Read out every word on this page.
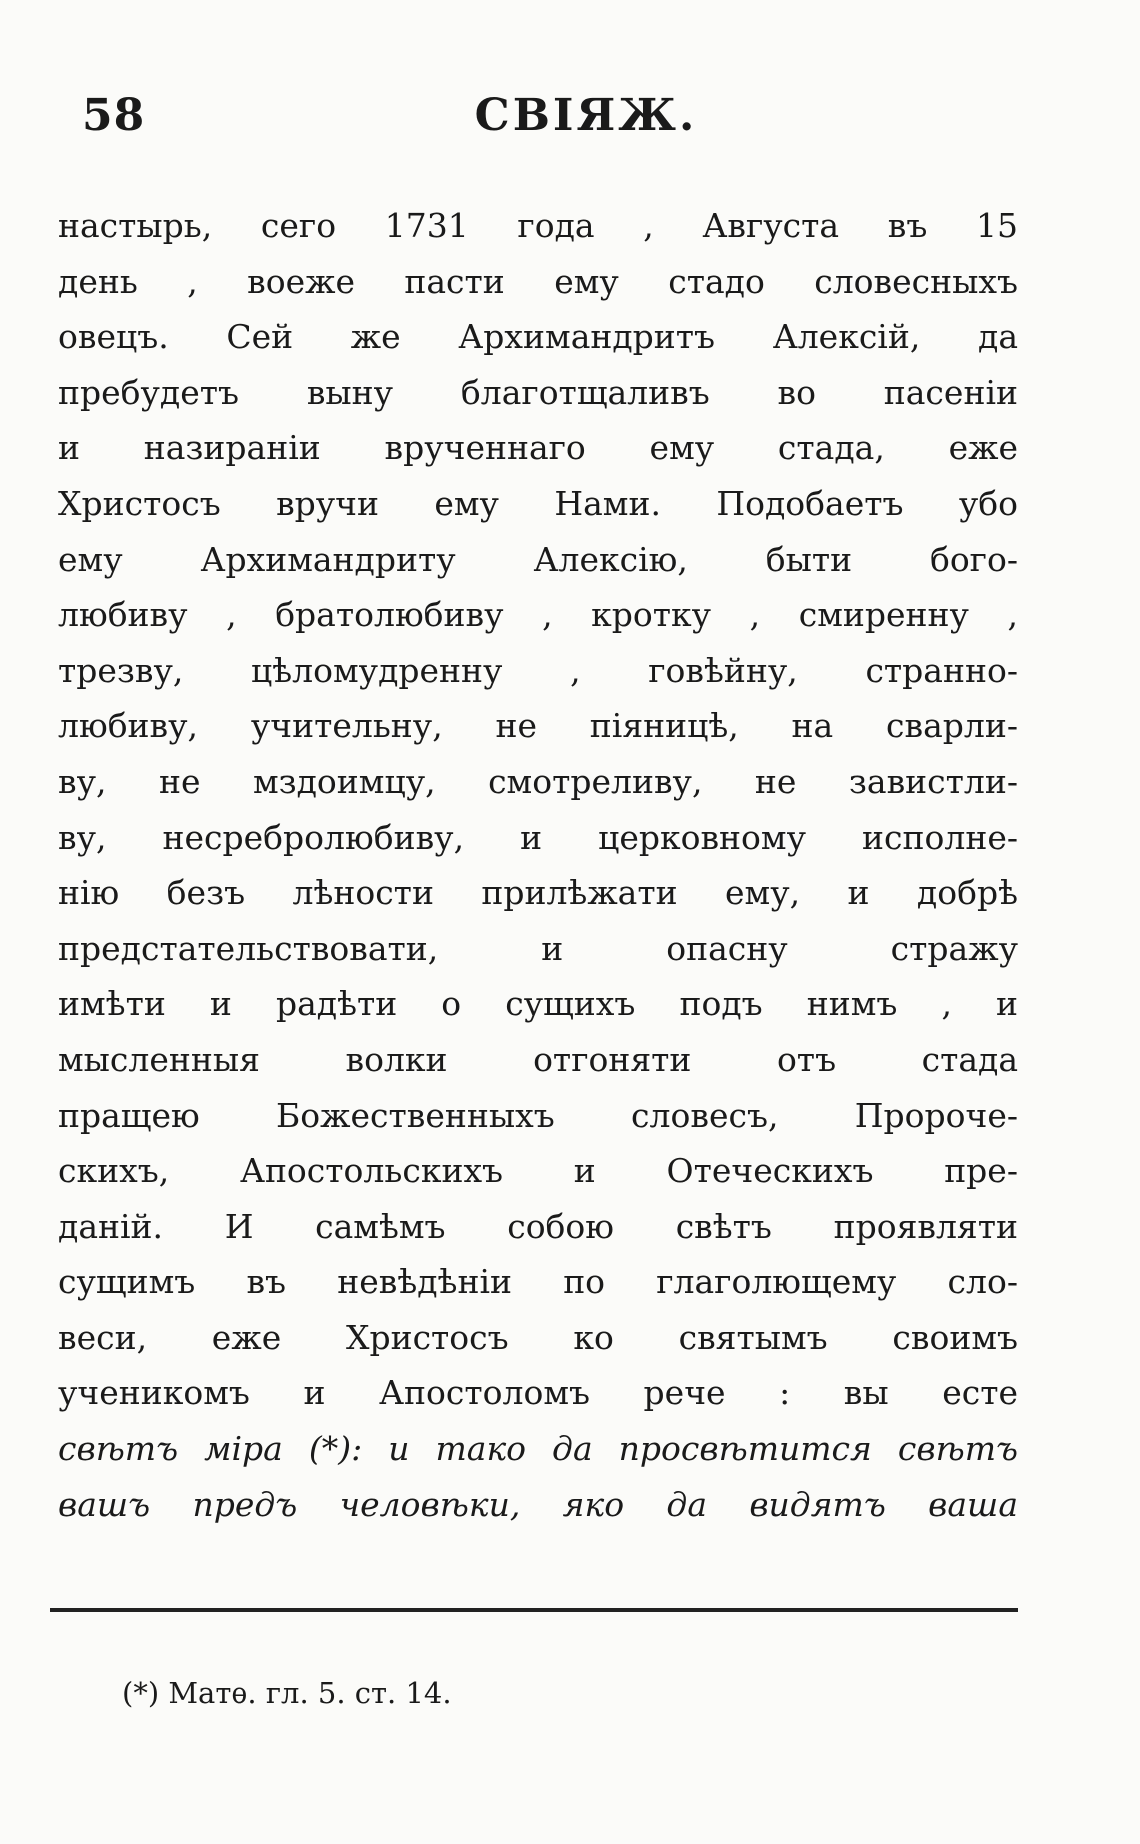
58	СВІЯЖ.
настырь, сего 1731 года , Августа въ 15
день , воеже пасти ему стадо словесныхъ
овецъ. Сей же Архимандритъ Алексій, да
пребудетъ выну благотщаливъ во пасеніи
и назираніи врученнаго ему стада, еже
Христосъ вручи ему Нами. Подобаетъ убо
ему Архимандриту Алексію, быти бого-
любиву , братолюбиву , кротку , смиренну ,
трезву, цѣломудренну , говѣйну, странно-
любиву, учительну, не піяницѣ, на сварли-
ву, не мздоимцу, смотреливу, не завистли-
ву, несребролюбиву, и церковному исполне-
нію безъ лѣности прилѣжати ему, и добрѣ
предстательствовати, и опасну стражу
имѣти и радѣти о сущихъ подъ нимъ , и
мысленныя волки отгоняти отъ стада
пращею Божественныхъ словесъ, Пророче-
скихъ, Апостольскихъ и Отеческихъ пре-
даній. И самѣмъ собою свѣтъ проявляти
сущимъ въ невѣдѣніи по глаголющему сло-
веси, еже Христосъ ко святымъ своимъ
ученикомъ и Апостоломъ рече : вы есте
свѣтъ міра (*): и тако да просвѣтится свѣтъ
вашъ предъ человѣки, яко да видятъ ваша
(*) Матѳ. гл. 5. ст. 14.
